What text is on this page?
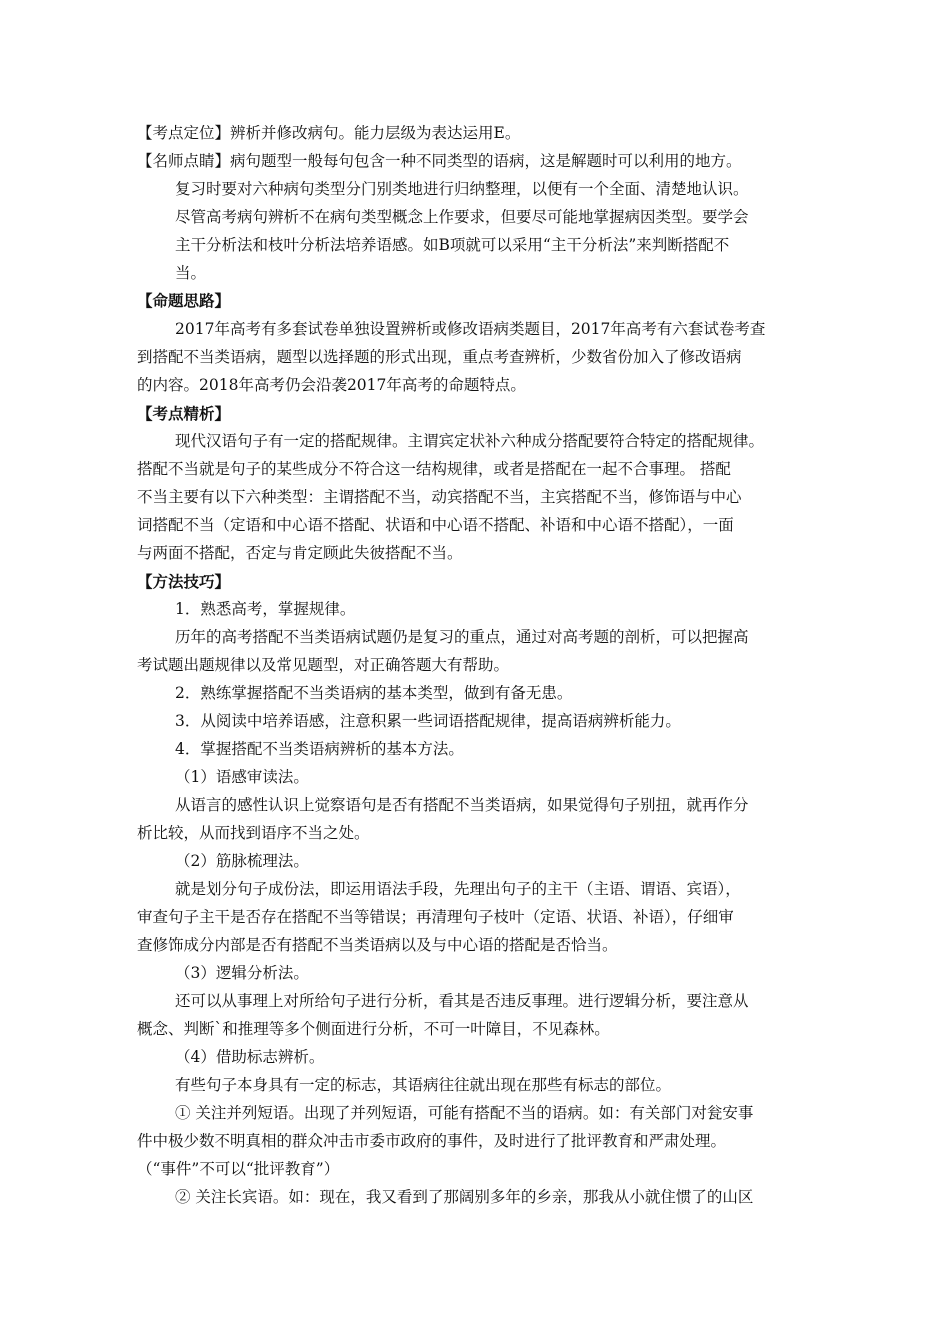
【考点定位】辨析并修改病句。能力层级为表达运用E。
【名师点睛】病句题型一般每句包含一种不同类型的语病，这是解题时可以利用的地方。
复习时要对六种病句类型分门别类地进行归纳整理，以便有一个全面、清楚地认识。
尽管高考病句辨析不在病句类型概念上作要求，但要尽可能地掌握病因类型。要学会
主干分析法和枝叶分析法培养语感。如B项就可以采用“主干分析法”来判断搭配不
当。
【命题思路】
2017年高考有多套试卷单独设置辨析或修改语病类题目，2017年高考有六套试卷考查
到搭配不当类语病，题型以选择题的形式出现，重点考查辨析，少数省份加入了修改语病
的内容。2018年高考仍会沿袭2017年高考的命题特点。
【考点精析】
现代汉语句子有一定的搭配规律。主谓宾定状补六种成分搭配要符合特定的搭配规律。
搭配不当就是句子的某些成分不符合这一结构规律，或者是搭配在一起不合事理。 搭配
不当主要有以下六种类型：主谓搭配不当，动宾搭配不当，主宾搭配不当，修饰语与中心
词搭配不当（定语和中心语不搭配、状语和中心语不搭配、补语和中心语不搭配），一面
与两面不搭配，否定与肯定顾此失彼搭配不当。
【方法技巧】
1．熟悉高考，掌握规律。
历年的高考搭配不当类语病试题仍是复习的重点，通过对高考题的剖析，可以把握高
考试题出题规律以及常见题型，对正确答题大有帮助。
2．熟练掌握搭配不当类语病的基本类型，做到有备无患。
3．从阅读中培养语感，注意积累一些词语搭配规律，提高语病辨析能力。
4．掌握搭配不当类语病辨析的基本方法。
（1）语感审读法。
从语言的感性认识上觉察语句是否有搭配不当类语病，如果觉得句子别扭，就再作分
析比较，从而找到语序不当之处。
（2）筋脉梳理法。
就是划分句子成份法，即运用语法手段，先理出句子的主干（主语、谓语、宾语），
审查句子主干是否存在搭配不当等错误；再清理句子枝叶（定语、状语、补语），仔细审
查修饰成分内部是否有搭配不当类语病以及与中心语的搭配是否恰当。
（3）逻辑分析法。
还可以从事理上对所给句子进行分析，看其是否违反事理。进行逻辑分析，要注意从
概念、判断`和推理等多个侧面进行分析，不可一叶障目，不见森林。
（4）借助标志辨析。
有些句子本身具有一定的标志，其语病往往就出现在那些有标志的部位。
① 关注并列短语。出现了并列短语，可能有搭配不当的语病。如：有关部门对瓮安事
件中极少数不明真相的群众冲击市委市政府的事件，及时进行了批评教育和严肃处理。
（“事件”不可以“批评教育”）
② 关注长宾语。如：现在，我又看到了那阔别多年的乡亲，那我从小就住惯了的山区
